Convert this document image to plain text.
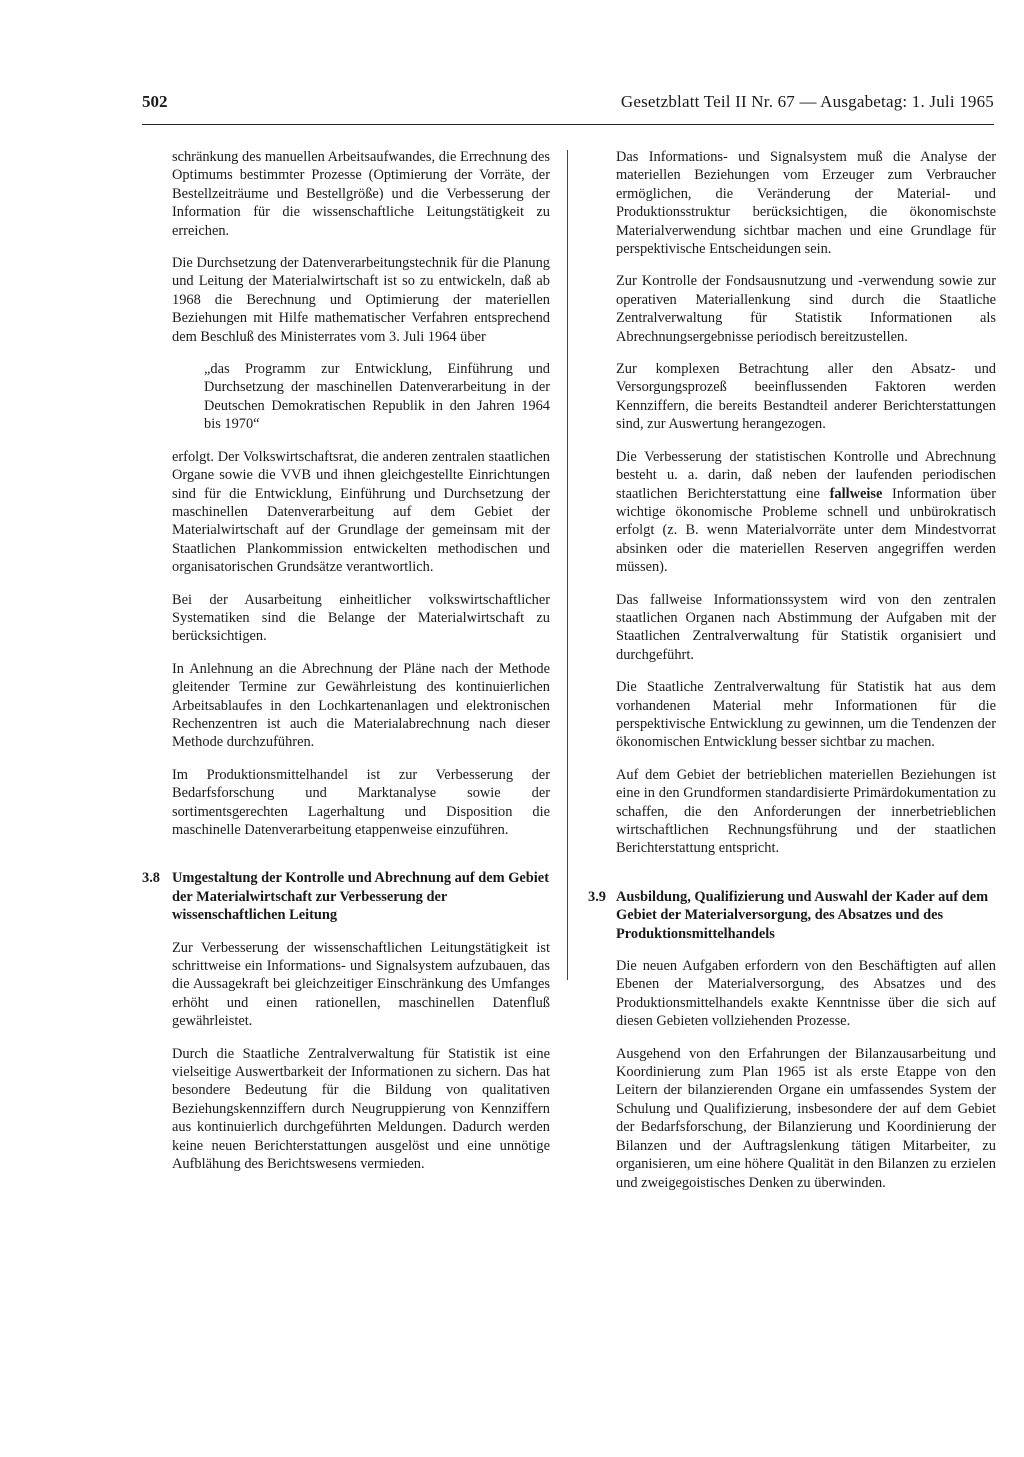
502	Gesetzblatt Teil II Nr. 67 — Ausgabetag: 1. Juli 1965

schränkung des manuellen Arbeitsaufwandes, die Errechnung des Optimums bestimmter Prozesse (Optimierung der Vorräte, der Bestellzeiträume und Bestellgröße) und die Verbesserung der Information für die wissenschaftliche Leitungstätigkeit zu erreichen.

Die Durchsetzung der Datenverarbeitungstechnik für die Planung und Leitung der Materialwirtschaft ist so zu entwickeln, daß ab 1968 die Berechnung und Optimierung der materiellen Beziehungen mit Hilfe mathematischer Verfahren entsprechend dem Beschluß des Ministerrates vom 3. Juli 1964 über

„das Programm zur Entwicklung, Einführung und Durchsetzung der maschinellen Datenverarbeitung in der Deutschen Demokratischen Republik in den Jahren 1964 bis 1970“

erfolgt. Der Volkswirtschaftsrat, die anderen zentralen staatlichen Organe sowie die VVB und ihnen gleichgestellte Einrichtungen sind für die Entwicklung, Einführung und Durchsetzung der maschinellen Datenverarbeitung auf dem Gebiet der Materialwirtschaft auf der Grundlage der gemeinsam mit der Staatlichen Plankommission entwickelten methodischen und organisatorischen Grundsätze verantwortlich.

Bei der Ausarbeitung einheitlicher volkswirtschaftlicher Systematiken sind die Belange der Materialwirtschaft zu berücksichtigen.

In Anlehnung an die Abrechnung der Pläne nach der Methode gleitender Termine zur Gewährleistung des kontinuierlichen Arbeitsablaufes in den Lochkartenanlagen und elektronischen Rechenzentren ist auch die Materialabrechnung nach dieser Methode durchzuführen.

Im Produktionsmittelhandel ist zur Verbesserung der Bedarfsforschung und Marktanalyse sowie der sortimentsgerechten Lagerhaltung und Disposition die maschinelle Datenverarbeitung etappenweise einzuführen.

3.8 Umgestaltung der Kontrolle und Abrechnung auf dem Gebiet der Materialwirtschaft zur Verbesserung der wissenschaftlichen Leitung

Zur Verbesserung der wissenschaftlichen Leitungstätigkeit ist schrittweise ein Informations- und Signalsystem aufzubauen, das die Aussagekraft bei gleichzeitiger Einschränkung des Umfanges erhöht und einen rationellen, maschinellen Datenfluß gewährleistet.

Durch die Staatliche Zentralverwaltung für Statistik ist eine vielseitige Auswertbarkeit der Informationen zu sichern. Das hat besondere Bedeutung für die Bildung von qualitativen Beziehungskennziffern durch Neugruppierung von Kennziffern aus kontinuierlich durchgeführten Meldungen. Dadurch werden keine neuen Berichterstattungen ausgelöst und eine unnötige Aufblähung des Berichtswesens vermieden.

Das Informations- und Signalsystem muß die Analyse der materiellen Beziehungen vom Erzeuger zum Verbraucher ermöglichen, die Veränderung der Material- und Produktionsstruktur berücksichtigen, die ökonomischste Materialverwendung sichtbar machen und eine Grundlage für perspektivische Entscheidungen sein.

Zur Kontrolle der Fondsausnutzung und -verwendung sowie zur operativen Materiallenkung sind durch die Staatliche Zentralverwaltung für Statistik Informationen als Abrechnungsergebnisse periodisch bereitzustellen.

Zur komplexen Betrachtung aller den Absatz- und Versorgungsprozeß beeinflussenden Faktoren werden Kennziffern, die bereits Bestandteil anderer Berichterstattungen sind, zur Auswertung herangezogen.

Die Verbesserung der statistischen Kontrolle und Abrechnung besteht u. a. darin, daß neben der laufenden periodischen staatlichen Berichterstattung eine fallweise Information über wichtige ökonomische Probleme schnell und unbürokratisch erfolgt (z. B. wenn Materialvorräte unter dem Mindestvorrat absinken oder die materiellen Reserven angegriffen werden müssen).

Das fallweise Informationssystem wird von den zentralen staatlichen Organen nach Abstimmung der Aufgaben mit der Staatlichen Zentralverwaltung für Statistik organisiert und durchgeführt.

Die Staatliche Zentralverwaltung für Statistik hat aus dem vorhandenen Material mehr Informationen für die perspektivische Entwicklung zu gewinnen, um die Tendenzen der ökonomischen Entwicklung besser sichtbar zu machen.

Auf dem Gebiet der betrieblichen materiellen Beziehungen ist eine in den Grundformen standardisierte Primärdokumentation zu schaffen, die den Anforderungen der innerbetrieblichen wirtschaftlichen Rechnungsführung und der staatlichen Berichterstattung entspricht.

3.9 Ausbildung, Qualifizierung und Auswahl der Kader auf dem Gebiet der Materialversorgung, des Absatzes und des Produktionsmittelhandels

Die neuen Aufgaben erfordern von den Beschäftigten auf allen Ebenen der Materialversorgung, des Absatzes und des Produktionsmittelhandels exakte Kenntnisse über die sich auf diesen Gebieten vollziehenden Prozesse.

Ausgehend von den Erfahrungen der Bilanzausarbeitung und Koordinierung zum Plan 1965 ist als erste Etappe von den Leitern der bilanzierenden Organe ein umfassendes System der Schulung und Qualifizierung, insbesondere der auf dem Gebiet der Bedarfsforschung, der Bilanzierung und Koordinierung der Bilanzen und der Auftragslenkung tätigen Mitarbeiter, zu organisieren, um eine höhere Qualität in den Bilanzen zu erzielen und zweigegoistisches Denken zu überwinden.
